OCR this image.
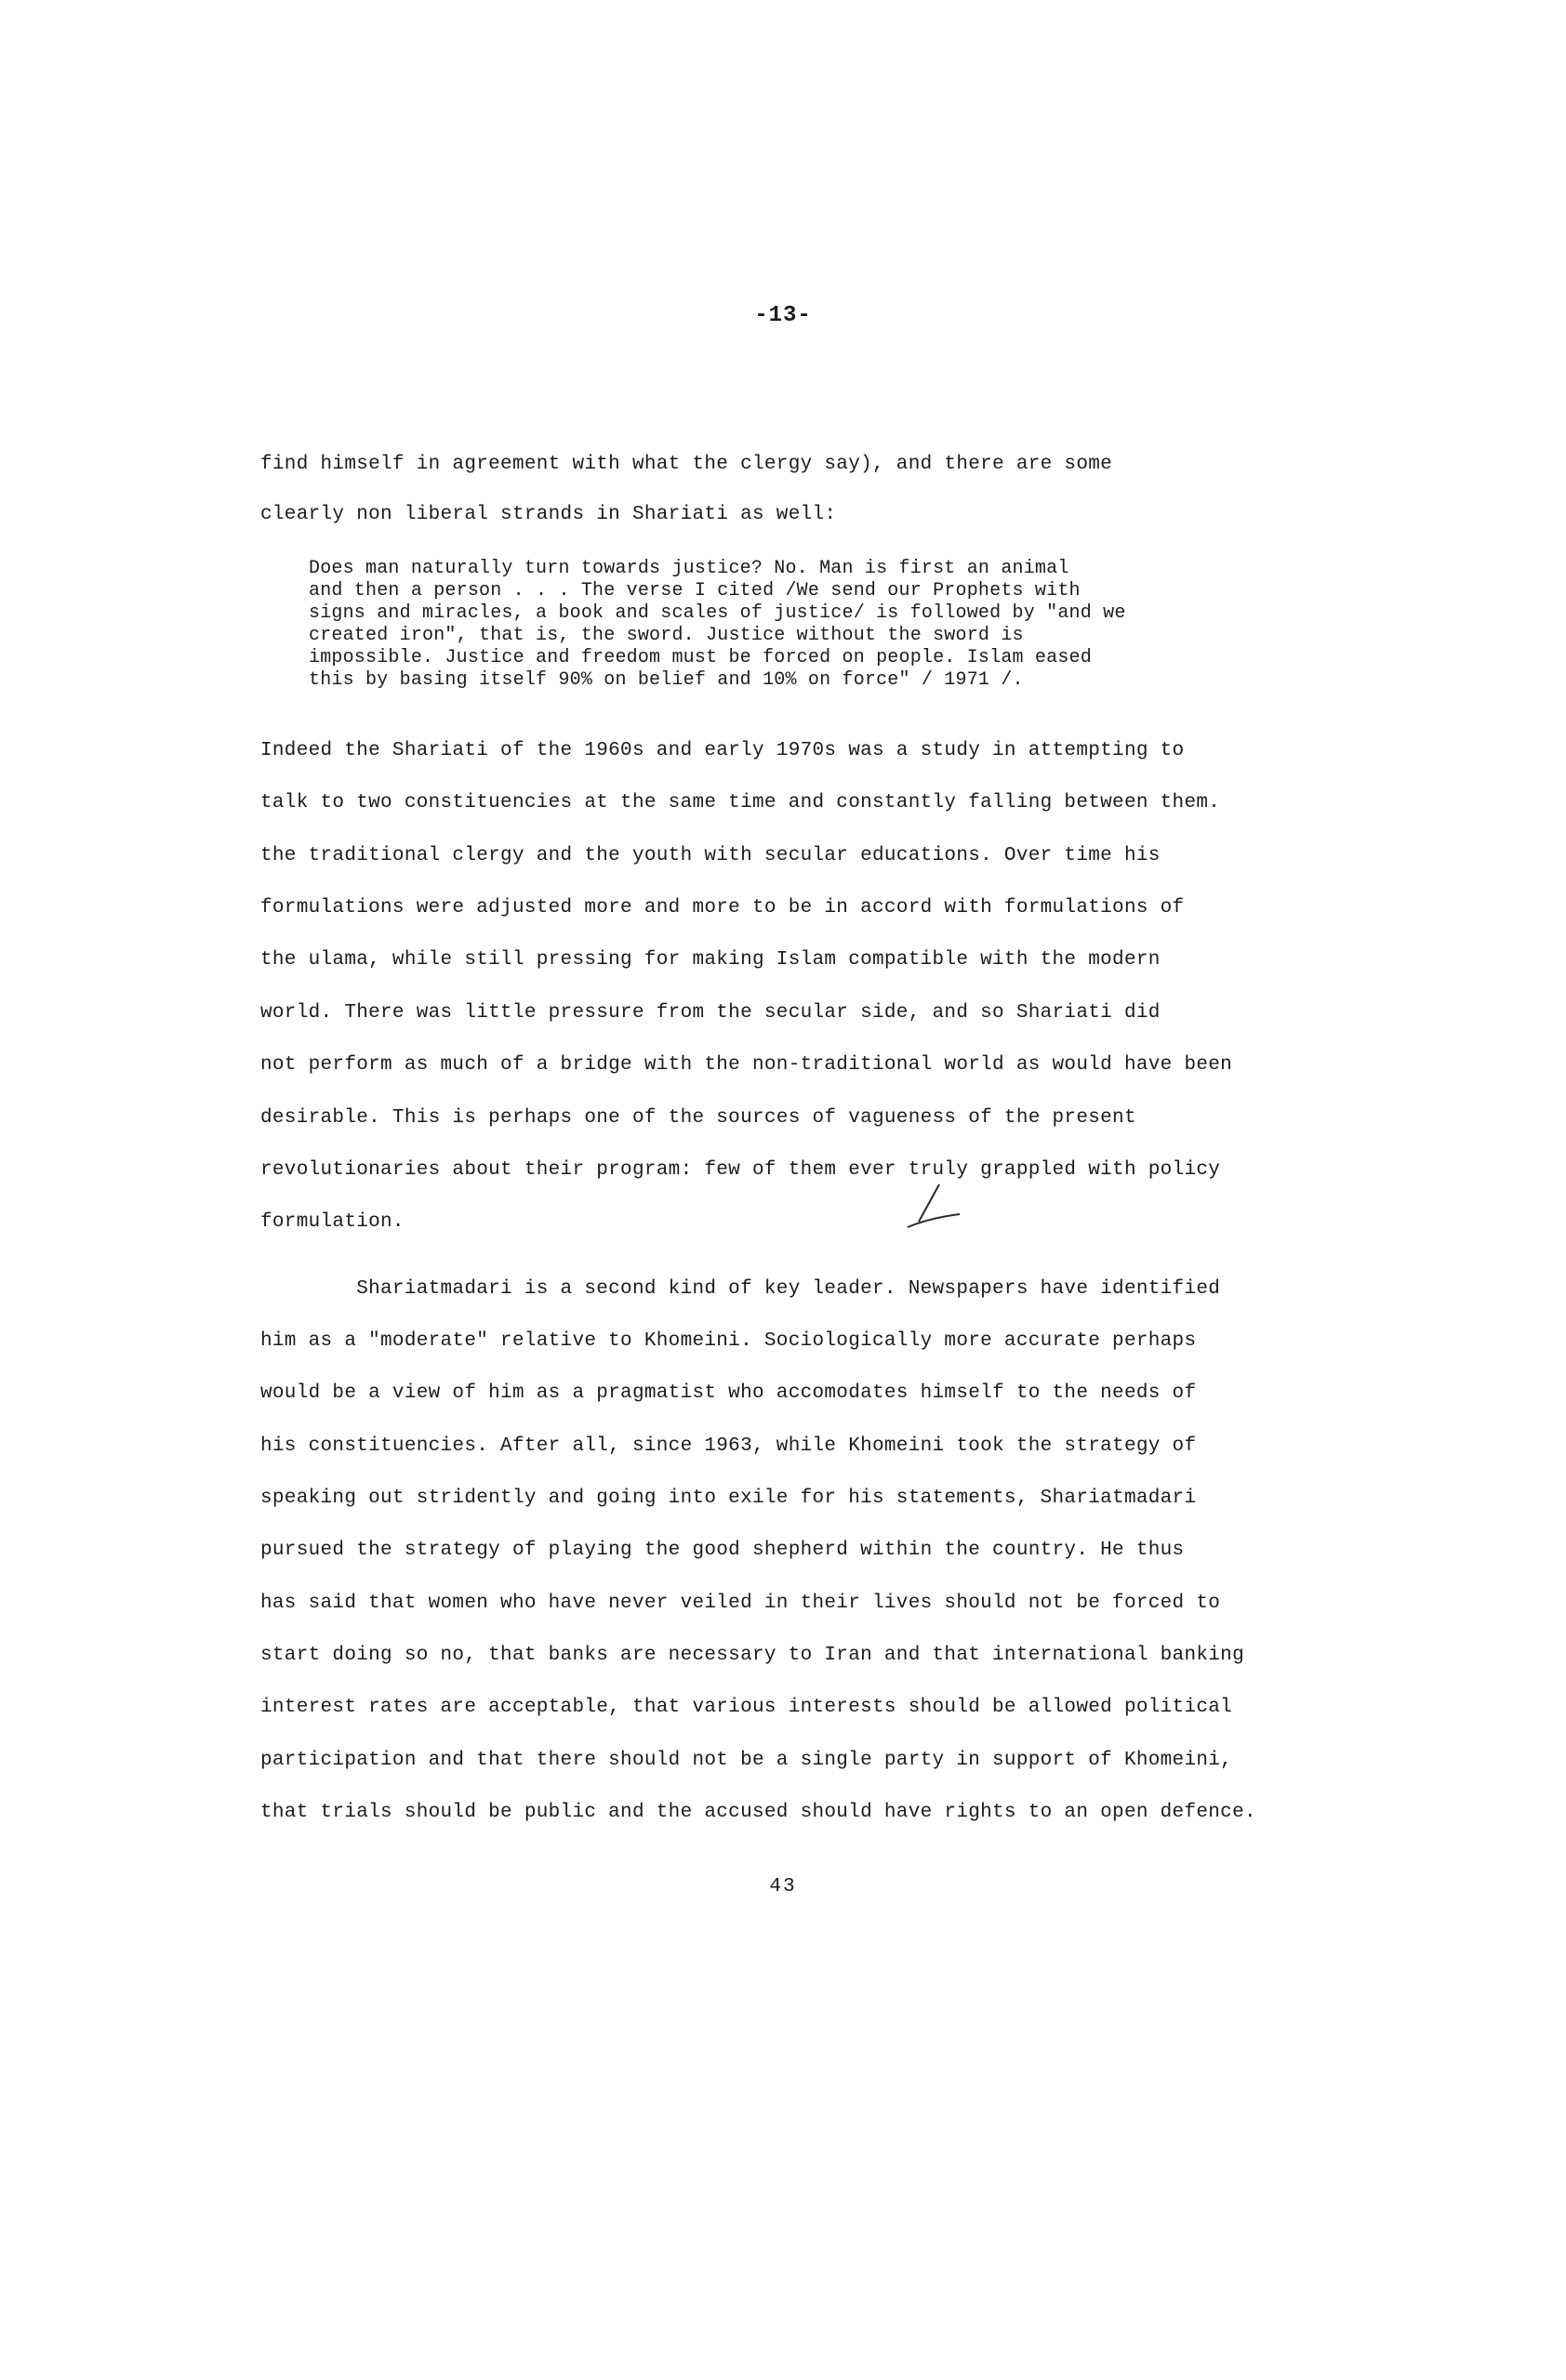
-13-
find himself in agreement with what the clergy say), and there are some
clearly non liberal strands in Shariati as well:
Does man naturally turn towards justice? No. Man is first an animal
and then a person . . . The verse I cited /We send our Prophets with
signs and miracles, a book and scales of justice/ is followed by "and we
created iron", that is, the sword. Justice without the sword is
impossible. Justice and freedom must be forced on people. Islam eased
this by basing itself 90% on belief and 10% on force" / 1971 /.
Indeed the Shariati of the 1960s and early 1970s was a study in attempting to
talk to two constituencies at the same time and constantly falling between them.
the traditional clergy and the youth with secular educations. Over time his
formulations were adjusted more and more to be in accord with formulations of
the ulama, while still pressing for making Islam compatible with the modern
world. There was little pressure from the secular side, and so Shariati did
not perform as much of a bridge with the non-traditional world as would have been
desirable. This is perhaps one of the sources of vagueness of the present
revolutionaries about their program: few of them ever truly grappled with policy
formulation.
Shariatmadari is a second kind of key leader. Newspapers have identified
him as a "moderate" relative to Khomeini. Sociologically more accurate perhaps
would be a view of him as a pragmatist who accomodates himself to the needs of
his constituencies. After all, since 1963, while Khomeini took the strategy of
speaking out stridently and going into exile for his statements, Shariatmadari
pursued the strategy of playing the good shepherd within the country. He thus
has said that women who have never veiled in their lives should not be forced to
start doing so no, that banks are necessary to Iran and that international banking
interest rates are acceptable, that various interests should be allowed political
participation and that there should not be a single party in support of Khomeini,
that trials should be public and the accused should have rights to an open defence.
43
